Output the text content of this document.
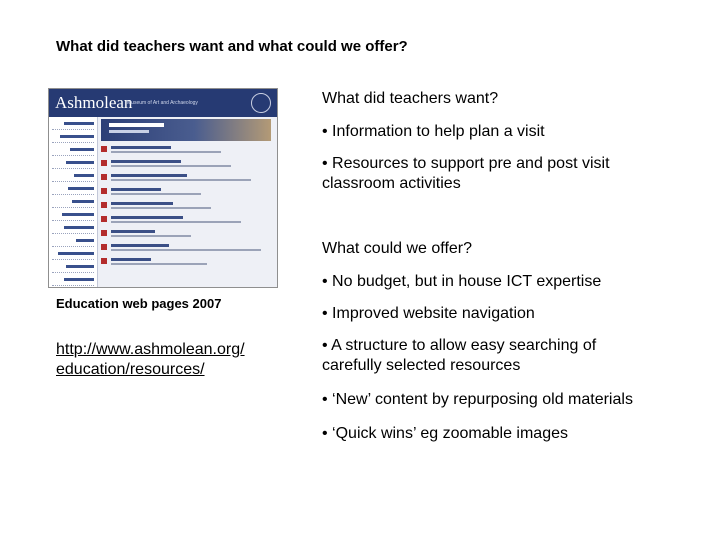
What did teachers want and what could we offer?
Ashmolean
Museum of Art and Archaeology
Education web pages 2007
http://www.ashmolean.org/
education/resources/
What did teachers want?
• Information to help plan a visit
• Resources to support pre and post visit
classroom activities
What could we offer?
• No budget, but in house ICT expertise
• Improved website navigation
• A structure to allow easy searching of
carefully selected resources
• ‘New’ content by repurposing old materials
• ‘Quick wins’ eg zoomable images
